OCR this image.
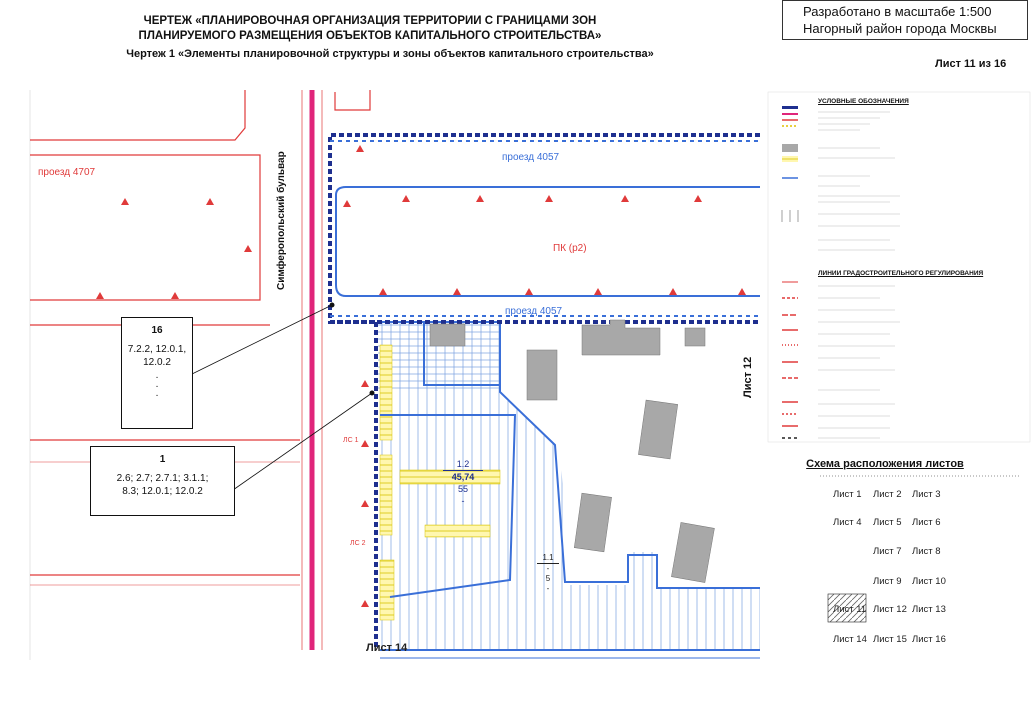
ЧЕРТЕЖ «ПЛАНИРОВОЧНАЯ ОРГАНИЗАЦИЯ ТЕРРИТОРИИ С ГРАНИЦАМИ ЗОН
ПЛАНИРУЕМОГО РАЗМЕЩЕНИЯ ОБЪЕКТОВ КАПИТАЛЬНОГО СТРОИТЕЛЬСТВА»
Чертеж 1 «Элементы планировочной структуры и зоны объектов капитального строительства»
Разработано в масштабе 1:500
Нагорный район города Москвы
Лист 11 из 16
проезд 4707
проезд 4057
проезд 4057
ПК (р2)
Симферопольский бульвар
Лист 12
Лист 14
ЛС 1
ЛС 2
1.2
45,74
55
-
1.1
-
5
-
16
7.2.2, 12.0.1,
12.0.2
.
.
.
1
2.6; 2.7; 2.7.1; 3.1.1;
8.3; 12.0.1; 12.0.2
УСЛОВНЫЕ ОБОЗНАЧЕНИЯ
ЛИНИИ ГРАДОСТРОИТЕЛЬНОГО РЕГУЛИРОВАНИЯ
Схема расположения листов
Лист 1 Лист 2 Лист 3
Лист 4 Лист 5 Лист 6
Лист 7 Лист 8
Лист 9 Лист 10
Лист 11 Лист 12 Лист 13
Лист 14 Лист 15 Лист 16
